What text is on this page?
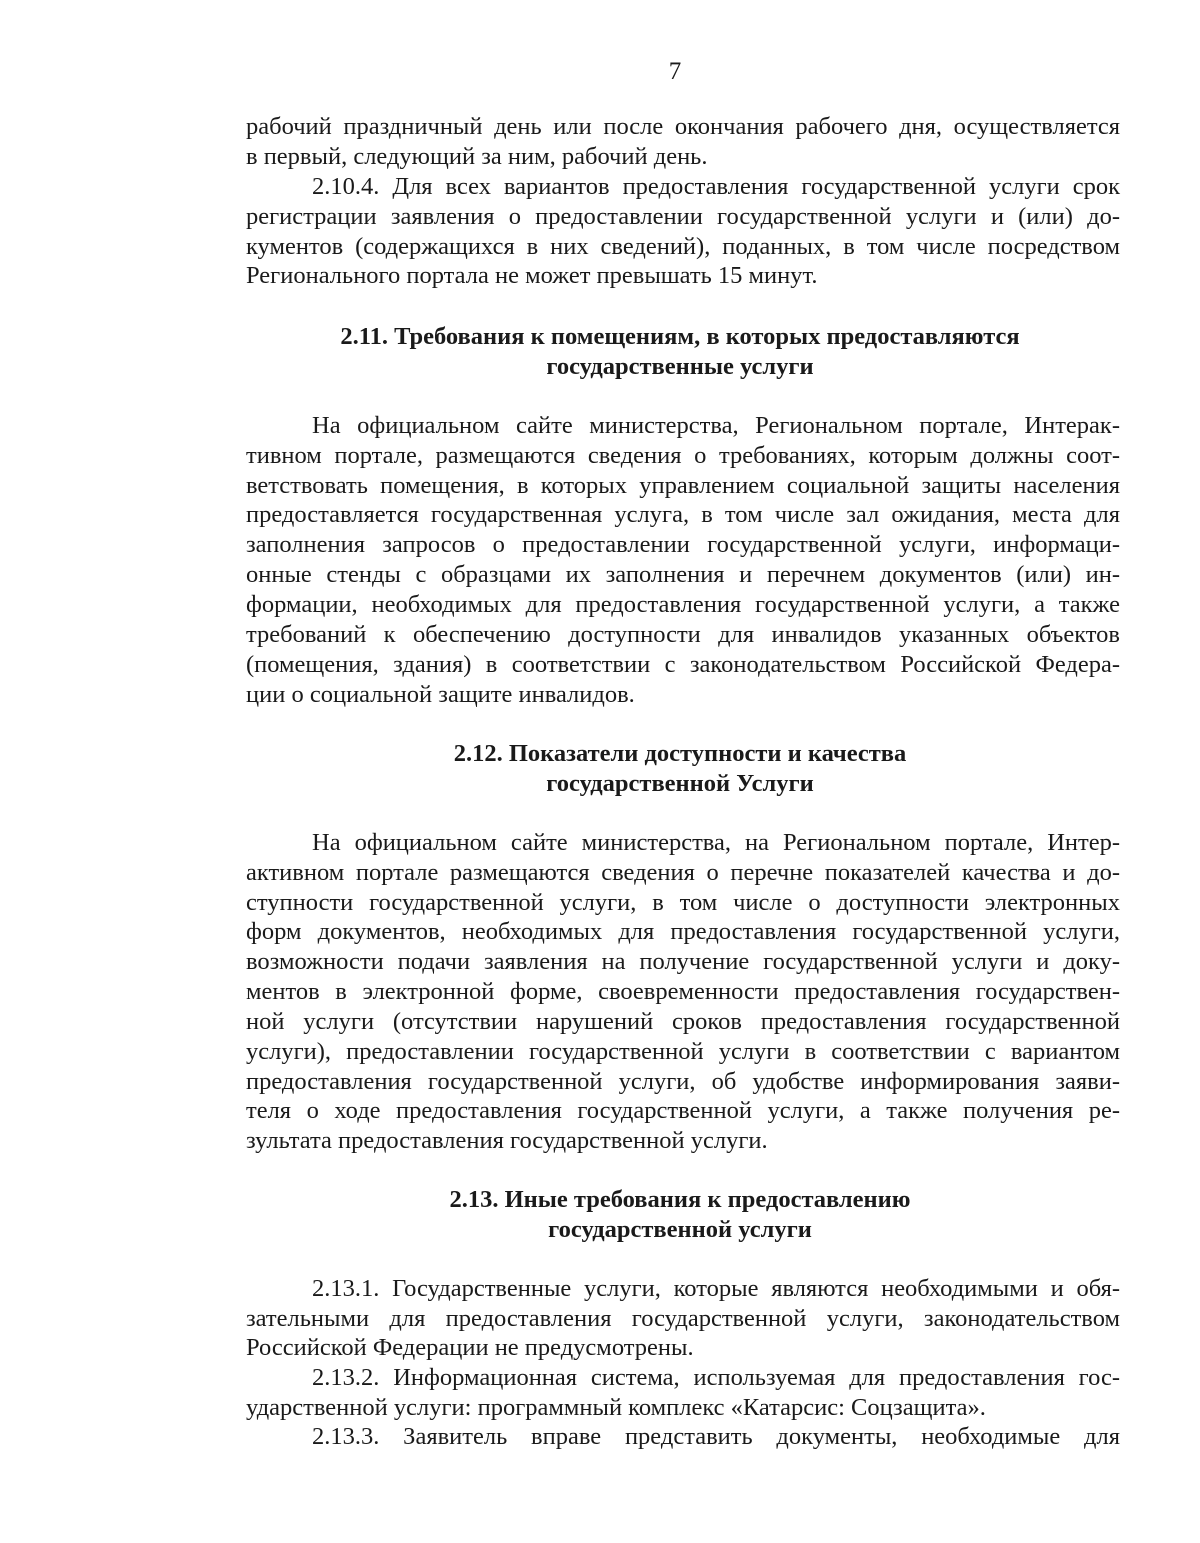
7
рабочий праздничный день или после окончания рабочего дня, осуществляется
в первый, следующий за ним, рабочий день.
2.10.4. Для всех вариантов предоставления государственной услуги срок
регистрации заявления о предоставлении государственной услуги и (или) до-
кументов (содержащихся в них сведений), поданных, в том числе посредством
Регионального портала не может превышать 15 минут.
2.11. Требования к помещениям, в которых предоставляются
государственные услуги
На официальном сайте министерства, Региональном портале, Интерак-
тивном портале, размещаются сведения о требованиях, которым должны соот-
ветствовать помещения, в которых управлением социальной защиты населения
предоставляется государственная услуга, в том числе зал ожидания, места для
заполнения запросов о предоставлении государственной услуги, информаци-
онные стенды с образцами их заполнения и перечнем документов (или) ин-
формации, необходимых для предоставления государственной услуги, а также
требований к обеспечению доступности для инвалидов указанных объектов
(помещения, здания) в соответствии с законодательством Российской Федера-
ции о социальной защите инвалидов.
2.12. Показатели доступности и качества
государственной Услуги
На официальном сайте министерства, на Региональном портале, Интер-
активном портале размещаются сведения о перечне показателей качества и до-
ступности государственной услуги, в том числе о доступности электронных
форм документов, необходимых для предоставления государственной услуги,
возможности подачи заявления на получение государственной услуги и доку-
ментов в электронной форме, своевременности предоставления государствен-
ной услуги (отсутствии нарушений сроков предоставления государственной
услуги), предоставлении государственной услуги в соответствии с вариантом
предоставления государственной услуги, об удобстве информирования заяви-
теля о ходе предоставления государственной услуги, а также получения ре-
зультата предоставления государственной услуги.
2.13. Иные требования к предоставлению
государственной услуги
2.13.1. Государственные услуги, которые являются необходимыми и обя-
зательными для предоставления государственной услуги, законодательством
Российской Федерации не предусмотрены.
2.13.2. Информационная система, используемая для предоставления гос-
ударственной услуги: программный комплекс «Катарсис: Соцзащита».
2.13.3. Заявитель вправе представить документы, необходимые для
